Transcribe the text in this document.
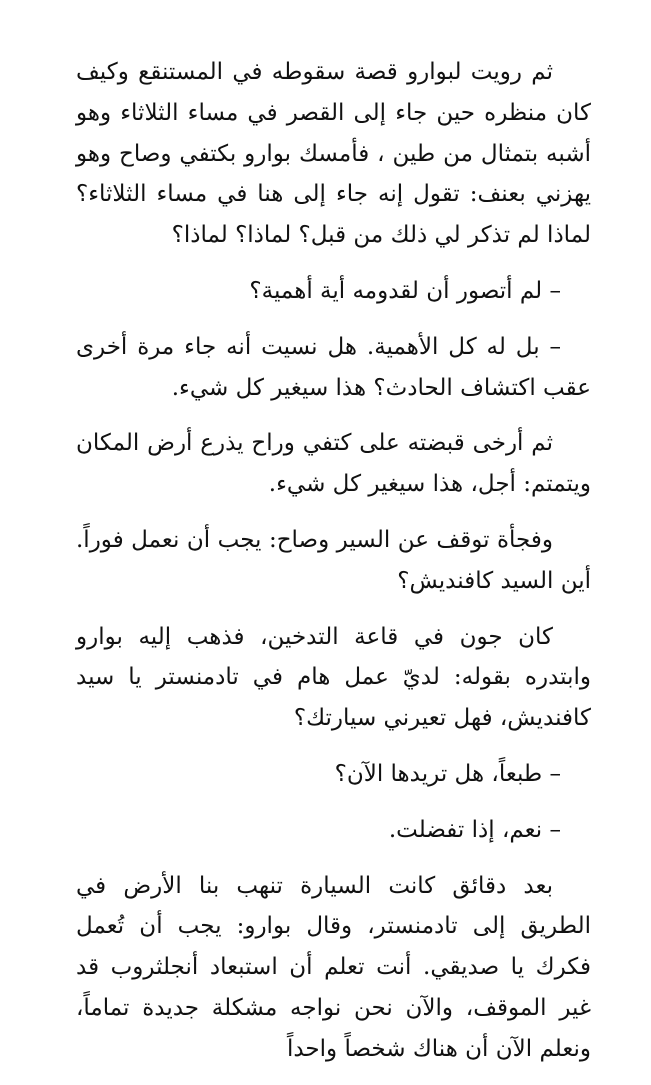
ثم رويت لبوارو قصة سقوطه في المستنقع وكيف كان منظره حين جاء إلى القصر في مساء الثلاثاء وهو أشبه بتمثال من طين ، فأمسك بوارو بكتفي وصاح وهو يهزني بعنف: تقول إنه جاء إلى هنا في مساء الثلاثاء؟ لماذا لم تذكر لي ذلك من قبل؟ لماذا؟ لماذا؟

– لم أتصور أن لقدومه أية أهمية؟

– بل له كل الأهمية. هل نسيت أنه جاء مرة أخرى عقب اكتشاف الحادث؟ هذا سيغير كل شيء.

ثم أرخى قبضته على كتفي وراح يذرع أرض المكان ويتمتم: أجل، هذا سيغير كل شيء.

وفجأة توقف عن السير وصاح: يجب أن نعمل فوراً. أين السيد كافنديش؟

كان جون في قاعة التدخين، فذهب إليه بوارو وابتدره بقوله: لديّ عمل هام في تادمنستر يا سيد كافنديش، فهل تعيرني سيارتك؟

– طبعاً، هل تريدها الآن؟

– نعم، إذا تفضلت.

بعد دقائق كانت السيارة تنهب بنا الأرض في الطريق إلى تادمنستر، وقال بوارو: يجب أن تُعمل فكرك يا صديقي. أنت تعلم أن استبعاد أنجلثروب قد غير الموقف، والآن نحن نواجه مشكلة جديدة تماماً، ونعلم الآن أن هناك شخصاً واحداً
